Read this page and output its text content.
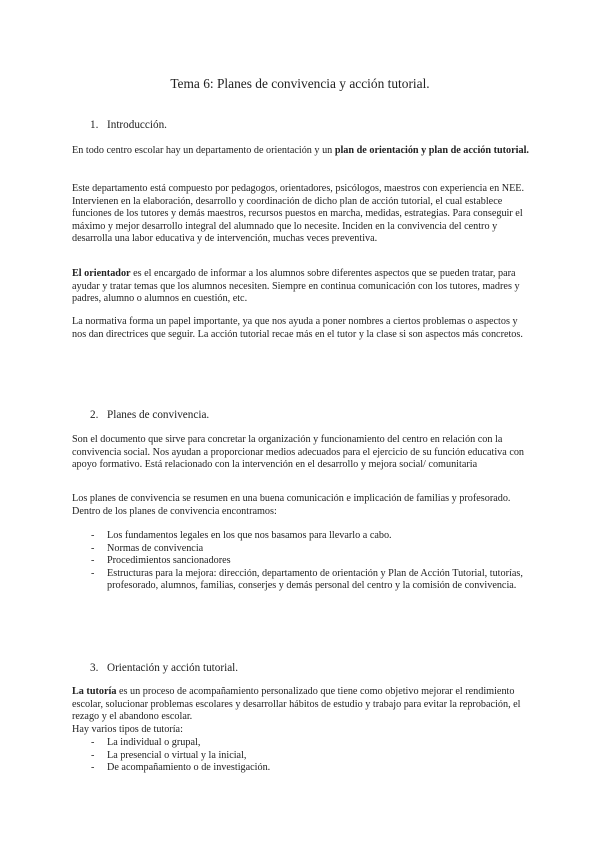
Tema 6: Planes de convivencia y acción tutorial.
1. Introducción.

En todo centro escolar hay un departamento de orientación y un plan de orientación y plan de acción tutorial.

Este departamento está compuesto por pedagogos, orientadores, psicólogos, maestros con experiencia en NEE. Intervienen en la elaboración, desarrollo y coordinación de dicho plan de acción tutorial, el cual establece funciones de los tutores y demás maestros, recursos puestos en marcha, medidas, estrategias. Para conseguir el máximo y mejor desarrollo integral del alumnado que lo necesite. Inciden en la convivencia del centro y desarrolla una labor educativa y de intervención, muchas veces preventiva.

El orientador es el encargado de informar a los alumnos sobre diferentes aspectos que se pueden tratar, para ayudar y tratar temas que los alumnos necesiten. Siempre en continua comunicación con los tutores, madres y padres, alumno o alumnos en cuestión, etc.

La normativa forma un papel importante, ya que nos ayuda a poner nombres a ciertos problemas o aspectos y nos dan directrices que seguir. La acción tutorial recae más en el tutor y la clase si son aspectos más concretos.

2. Planes de convivencia.

Son el documento que sirve para concretar la organización y funcionamiento del centro en relación con la convivencia social. Nos ayudan a proporcionar medios adecuados para el ejercicio de su función educativa con apoyo formativo. Está relacionado con la intervención en el desarrollo y mejora social/ comunitaria

Los planes de convivencia se resumen en una buena comunicación e implicación de familias y profesorado. Dentro de los planes de convivencia encontramos:

- Los fundamentos legales en los que nos basamos para llevarlo a cabo.
- Normas de convivencia
- Procedimientos sancionadores
- Estructuras para la mejora: dirección, departamento de orientación y Plan de Acción Tutorial, tutorías, profesorado, alumnos, familias, conserjes y demás personal del centro y la comisión de convivencia.
3. Orientación y acción tutorial.

La tutoría es un proceso de acompañamiento personalizado que tiene como objetivo mejorar el rendimiento escolar, solucionar problemas escolares y desarrollar hábitos de estudio y trabajo para evitar la reprobación, el rezago y el abandono escolar.

Hay varios tipos de tutoría:

- La individual o grupal,
- La presencial o virtual y la inicial,
- De acompañamiento o de investigación.
